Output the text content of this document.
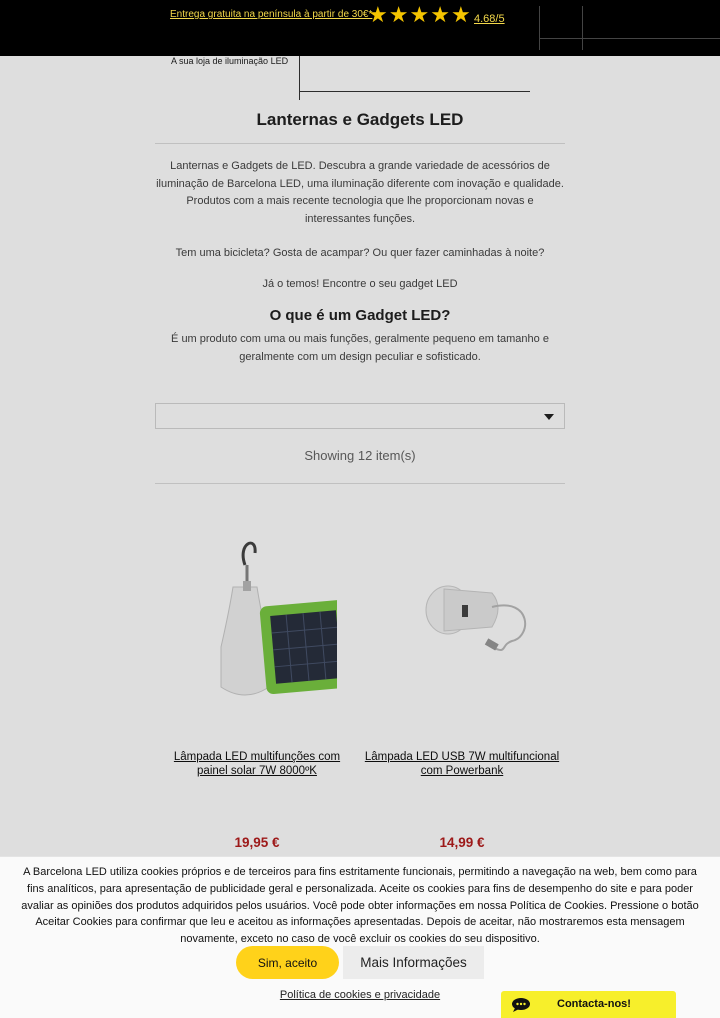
Entrega gratuita na península à partir de 30€*
★ ★ ★ ★ ★ 4.68/5
A sua loja de iluminação LED
Lanternas e Gadgets LED

Lanternas e Gadgets de LED. Descubra a grande variedade de acessórios de iluminação de Barcelona LED, uma iluminação diferente com inovação e qualidade. Produtos com a mais recente tecnologia que lhe proporcionam novas e interessantes funções.

Tem uma bicicleta? Gosta de acampar? Ou quer fazer caminhadas à noite?

Já o temos! Encontre o seu gadget LED

O que é um Gadget LED?

É um produto com uma ou mais funções, geralmente pequeno em tamanho e geralmente com um design peculiar e sofisticado.

Showing 12 item(s)
Lâmpada LED multifunções com painel solar 7W 8000ºK
19,95 €
Lâmpada LED USB 7W multifuncional com Powerbank
14,99 €

A Barcelona LED utiliza cookies próprios e de terceiros para fins estritamente funcionais, permitindo a navegação na web, bem como para fins analíticos, para apresentação de publicidade geral e personalizada. Aceite os cookies para fins de desempenho do site e para poder avaliar as opiniões dos produtos adquiridos pelos usuários. Você pode obter informações em nossa Política de Cookies. Pressione o botão Aceitar Cookies para confirmar que leu e aceitou as informações apresentadas. Depois de aceitar, não mostraremos esta mensagem novamente, exceto no caso de você excluir os cookies do seu dispositivo.

Sim, aceito	Mais Informações
Política de cookies e privacidade
Contacta-nos!
